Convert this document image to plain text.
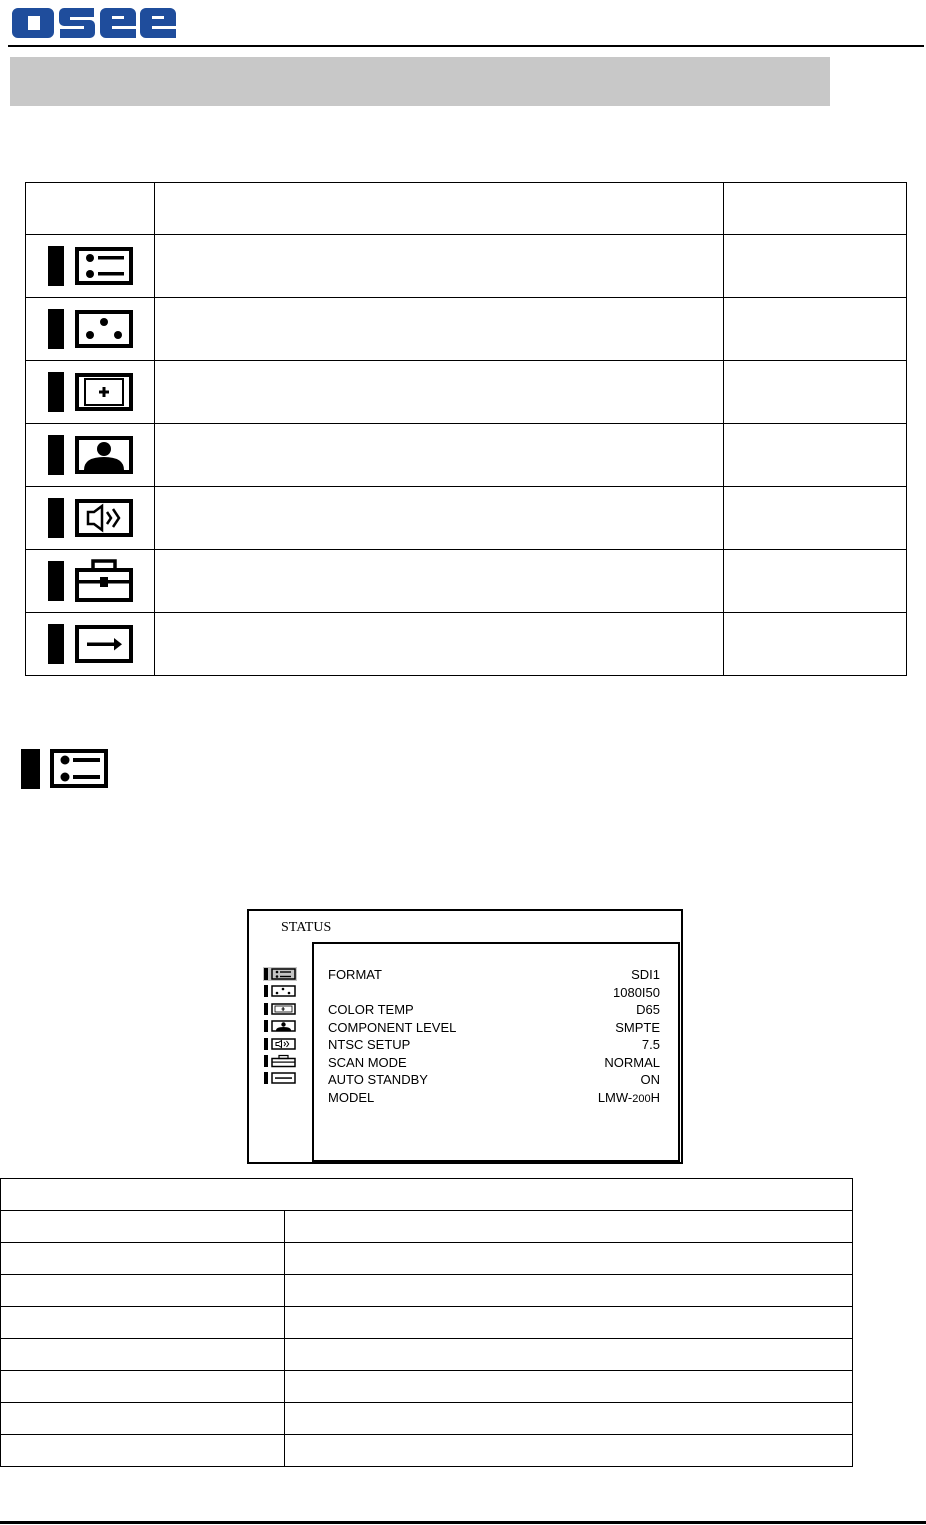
osee

STATUS
FORMAT	SDI1
1080I50
COLOR TEMP	D65
COMPONENT LEVEL	SMPTE
NTSC SETUP	7.5
SCAN MODE	NORMAL
AUTO STANDBY	ON
MODEL	LMW-200H
